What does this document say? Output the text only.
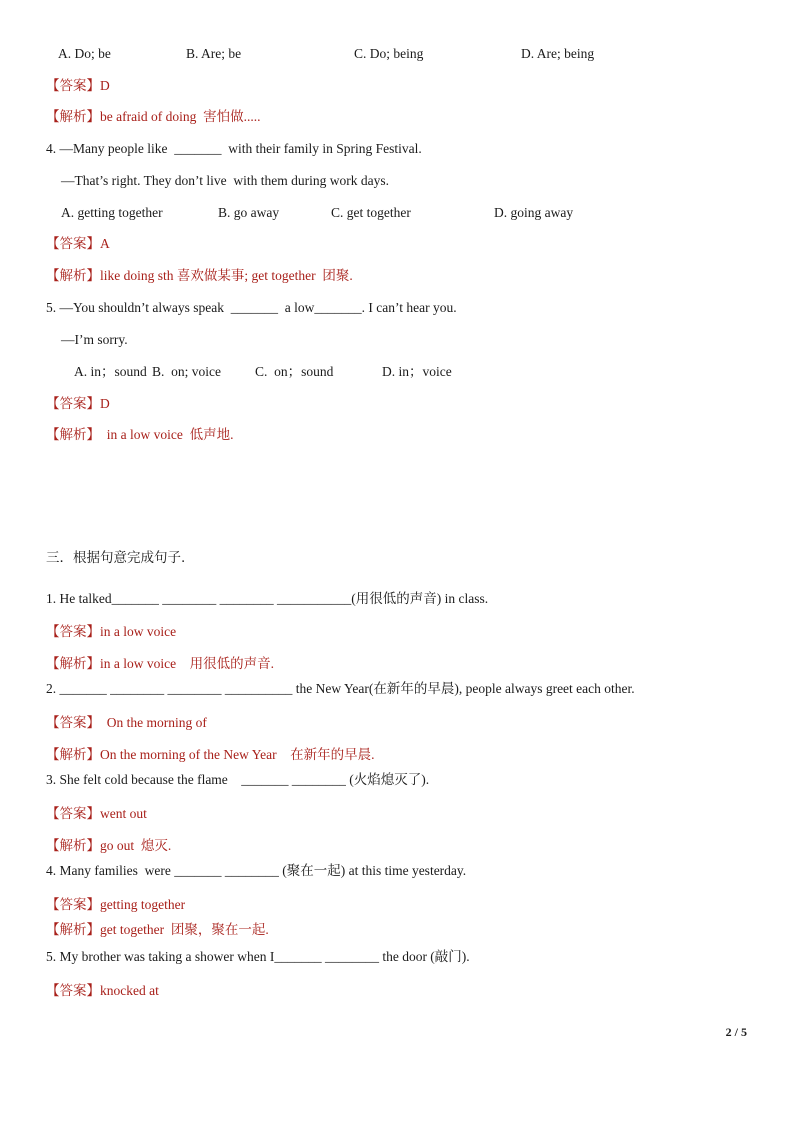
A. Do; be	B. Are; be	C. Do; being	D. Are; being
【答案】D
【解析】be afraid of doing  害怕做.....
4. —Many people like  _______  with their family in Spring Festival.
—That’s right. They don’t live  with them during work days.
A. getting together	B. go away	C. get together	D. going away
【答案】A
【解析】like doing sth 喜欢做某事; get together  团聚.
5. —You shouldn’t always speak  _______  a low_______. I can’t hear you.
—I’m sorry.
A. in；sound B.  on; voice	C.  on；sound	D. in；voice
【答案】D
【解析】  in a low voice  低声地.
三．根据句意完成句子.
1. He talked_______ ________ ________ ___________(用很低的声音) in class.
【答案】in a low voice
【解析】in a low voice    用很低的声音.
2. _______ ________ ________ __________ the New Year(在新年的早晨), people always greet each other.
【答案】  On the morning of
【解析】On the morning of the New Year    在新年的早晨.
3. She felt cold because the flame    _______ ________ (火焰熄灭了).
【答案】went out
【解析】go out  熄灭.
4. Many families  were _______ ________ (聚在一起) at this time yesterday.
【答案】getting together
【解析】get together  团聚，聚在一起.
5. My brother was taking a shower when I_______ ________ the door (敲门).
【答案】knocked at
2 / 5
